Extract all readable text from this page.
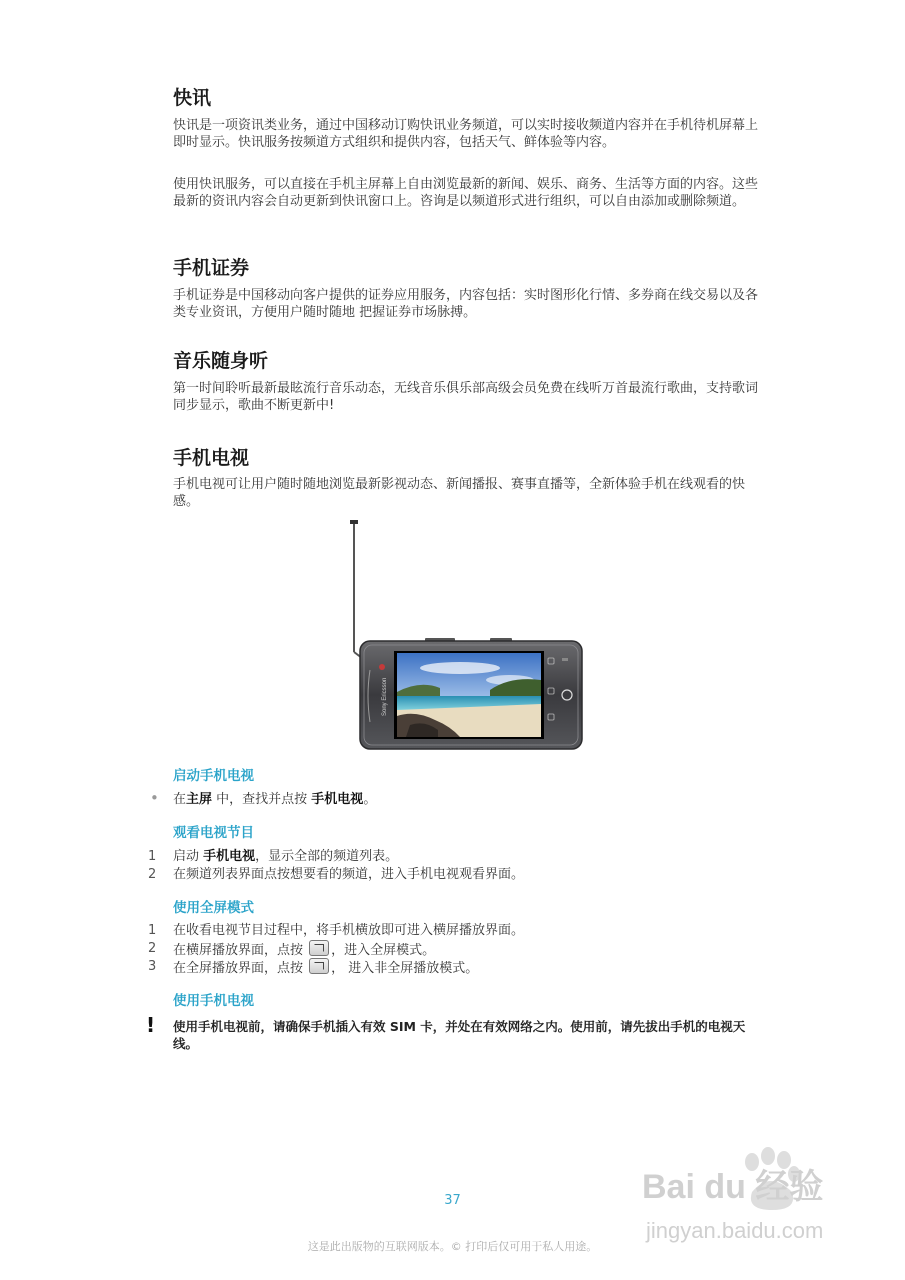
快讯

快讯是一项资讯类业务，通过中国移动订购快讯业务频道，可以实时接收频道内容并在手机待机屏幕上即时显示。快讯服务按频道方式组织和提供内容，包括天气、鲜体验等内容。

使用快讯服务，可以直接在手机主屏幕上自由浏览最新的新闻、娱乐、商务、生活等方面的内容。这些最新的资讯内容会自动更新到快讯窗口上。咨询是以频道形式进行组织，可以自由添加或删除频道。

手机证券

手机证券是中国移动向客户提供的证券应用服务，内容包括：实时图形化行情、多券商在线交易以及各类专业资讯，方便用户随时随地 把握证券市场脉搏。

音乐随身听

第一时间聆听最新最眩流行音乐动态，无线音乐俱乐部高级会员免费在线听万首最流行歌曲，支持歌词同步显示，歌曲不断更新中!

手机电视

手机电视可让用户随时随地浏览最新影视动态、新闻播报、赛事直播等，全新体验手机在线观看的快感。

Sony Ericsson
启动手机电视
• 在主屏 中，查找并点按 手机电视。
观看电视节目
1	启动 手机电视，显示全部的频道列表。
2	在频道列表界面点按想要看的频道，进入手机电视观看界面。
使用全屏模式
1	在收看电视节目过程中，将手机横放即可进入横屏播放界面。
2	在横屏播放界面，点按 ，进入全屏模式。
3	在全屏播放界面，点按 ， 进入非全屏播放模式。
使用手机电视
! 使用手机电视前，请确保手机插入有效 SIM 卡，并处在有效网络之内。使用前，请先拔出手机的电视天线。
37
这是此出版物的互联网版本。© 打印后仅可用于私人用途。
Bai du 经验
jingyan.baidu.com
